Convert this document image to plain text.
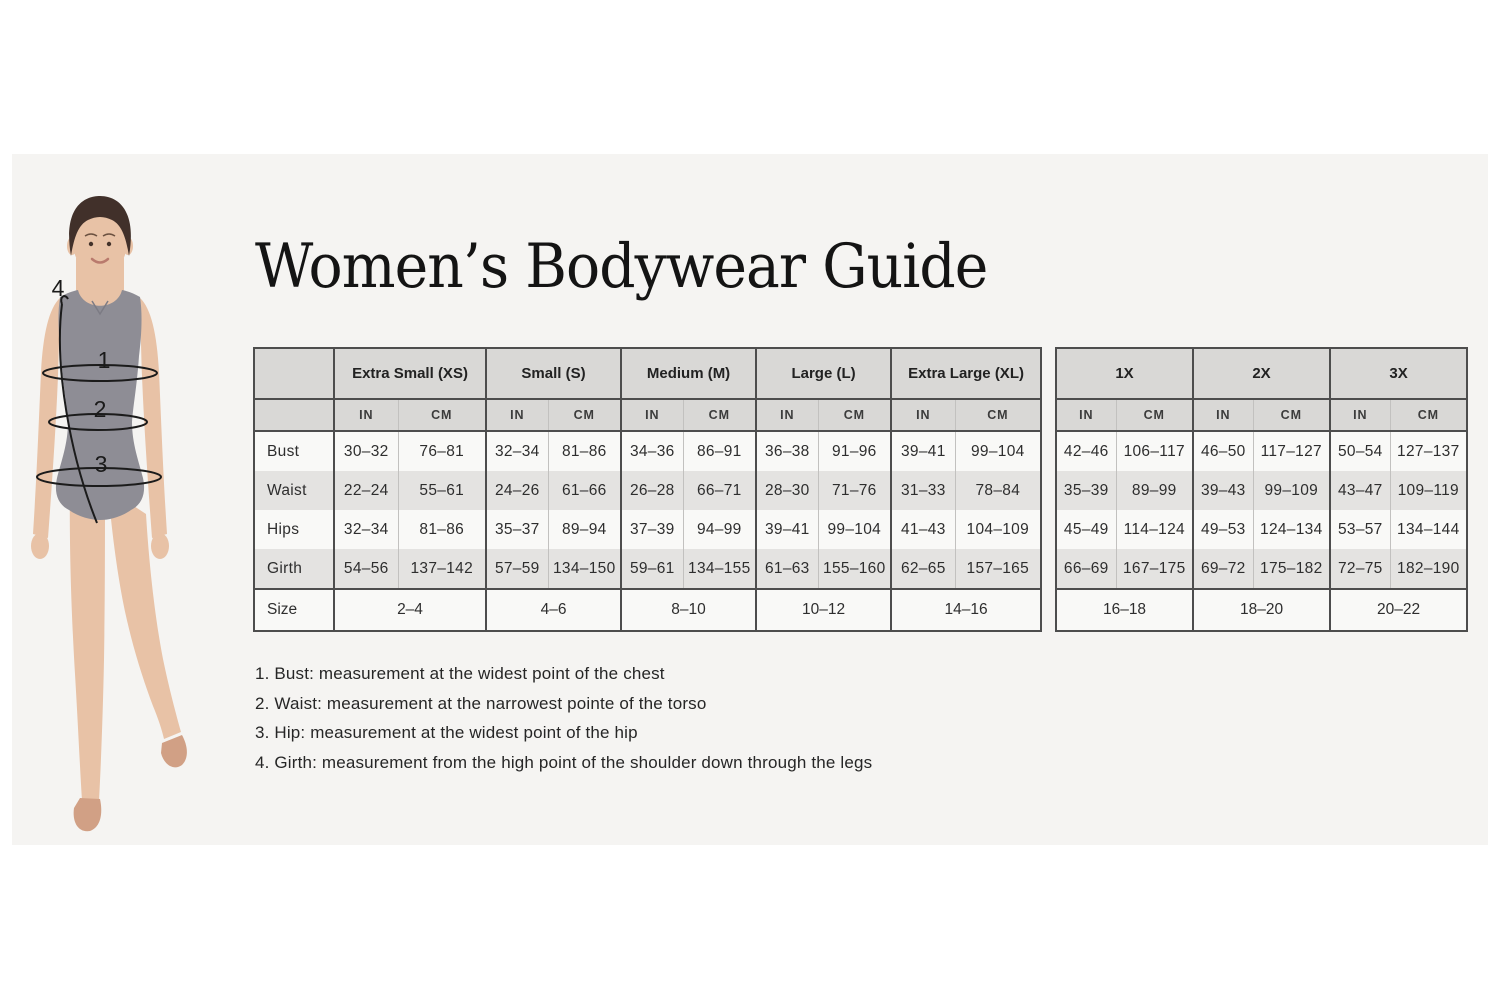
1
2
3
4	Women’s Bodywear Guide
	Extra Small (XS)		Small (S)		Medium (M)		Large (L)		Extra Large (XL)	
	IN	CM	IN	CM	IN	CM	IN	CM	IN	CM
Bust	30–32	76–81	32–34	81–86	34–36	86–91	36–38	91–96	39–41	99–104
Waist	22–24	55–61	24–26	61–66	26–28	66–71	28–30	71–76	31–33	78–84
Hips	32–34	81–86	35–37	89–94	37–39	94–99	39–41	99–104	41–43	104–109
Girth	54–56	137–142	57–59	134–150	59–61	134–155	61–63	155–160	62–65	157–165
Size	2–4		4–6		8–10		10–12		14–16	
1X		2X		3X	
IN	CM	IN	CM	IN	CM
42–46	106–117	46–50	117–127	50–54	127–137
35–39	89–99	39–43	99–109	43–47	109–119
45–49	114–124	49–53	124–134	53–57	134–144
66–69	167–175	69–72	175–182	72–75	182–190
16–18		18–20		20–22	
1. Bust: measurement at the widest point of the chest
2. Waist: measurement at the narrowest pointe of the torso
3. Hip: measurement at the widest point of the hip
4. Girth: measurement from the high point of the shoulder down through the legs
